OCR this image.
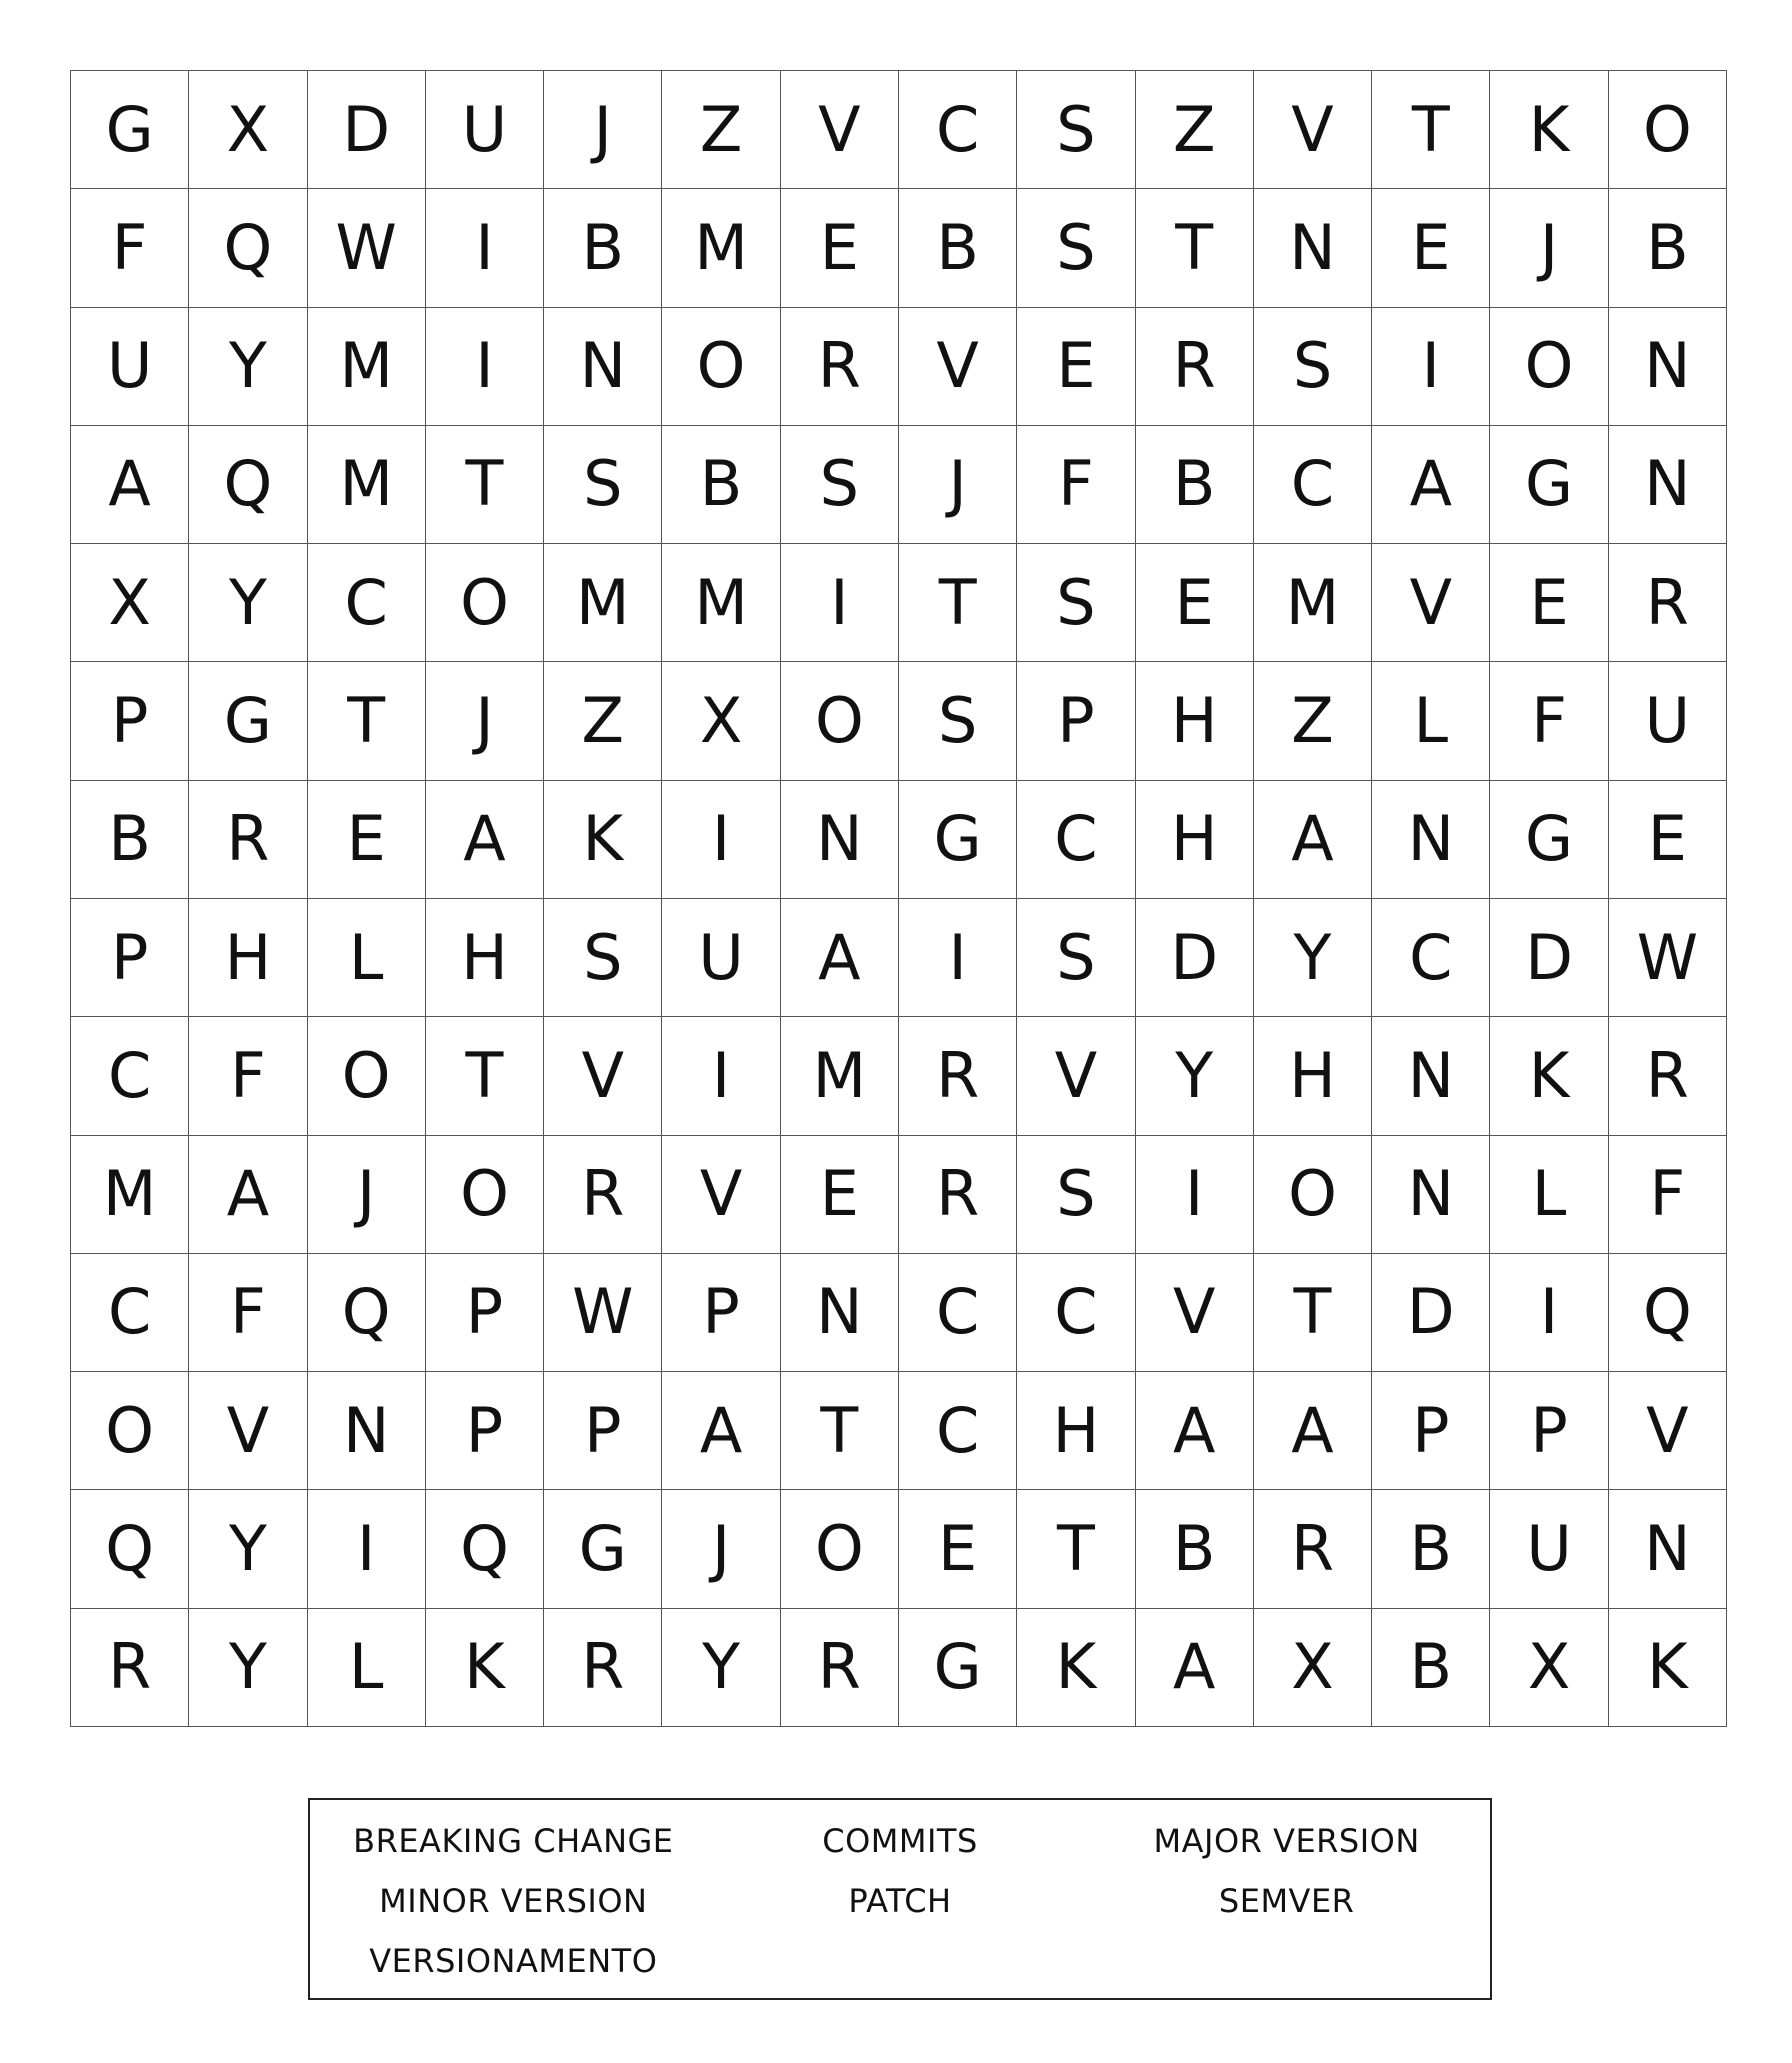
G	X	D	U	J	Z	V	C	S	Z	V	T	K	O
F	Q	W	I	B	M	E	B	S	T	N	E	J	B
U	Y	M	I	N	O	R	V	E	R	S	I	O	N
A	Q	M	T	S	B	S	J	F	B	C	A	G	N
X	Y	C	O	M	M	I	T	S	E	M	V	E	R
P	G	T	J	Z	X	O	S	P	H	Z	L	F	U
B	R	E	A	K	I	N	G	C	H	A	N	G	E
P	H	L	H	S	U	A	I	S	D	Y	C	D	W
C	F	O	T	V	I	M	R	V	Y	H	N	K	R
M	A	J	O	R	V	E	R	S	I	O	N	L	F
C	F	Q	P	W	P	N	C	C	V	T	D	I	Q
O	V	N	P	P	A	T	C	H	A	A	P	P	V
Q	Y	I	Q	G	J	O	E	T	B	R	B	U	N
R	Y	L	K	R	Y	R	G	K	A	X	B	X	K
BREAKING CHANGE	COMMITS	MAJOR VERSION
MINOR VERSION	PATCH	SEMVER
VERSIONAMENTO
